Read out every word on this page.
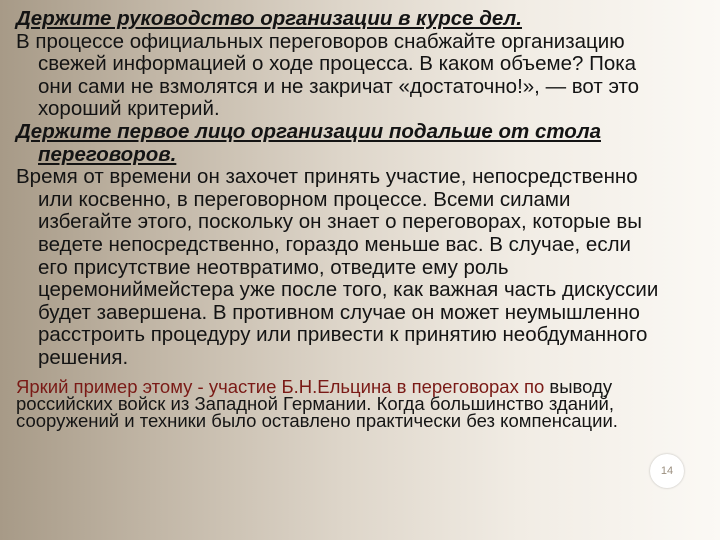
Держите руководство организации в курсе дел.

В процессе официальных переговоров снабжайте организацию свежей информацией о ходе процесса. В каком объеме? Пока они сами не взмолятся и не закричат «достаточно!», — вот это хороший критерий.

Держите первое лицо организации подальше от стола переговоров.

Время от времени он захочет принять участие, непосредственно или косвенно, в переговорном процессе. Всеми силами избегайте этого, поскольку он знает о переговорах, которые вы ведете непосредственно, гораздо меньше вас. В случае, если его присутствие неотвратимо, отведите ему роль церемониймейстера уже после того, как важная часть дискуссии будет завершена. В противном случае он может неумышленно расстроить процедуру или привести к принятию необдуманного решения.

Яркий пример этому - участие Б.Н.Ельцина в переговорах по выводу российских войск из Западной Германии. Когда большинство зданий, сооружений и техники было оставлено практически без компенсации.

14
